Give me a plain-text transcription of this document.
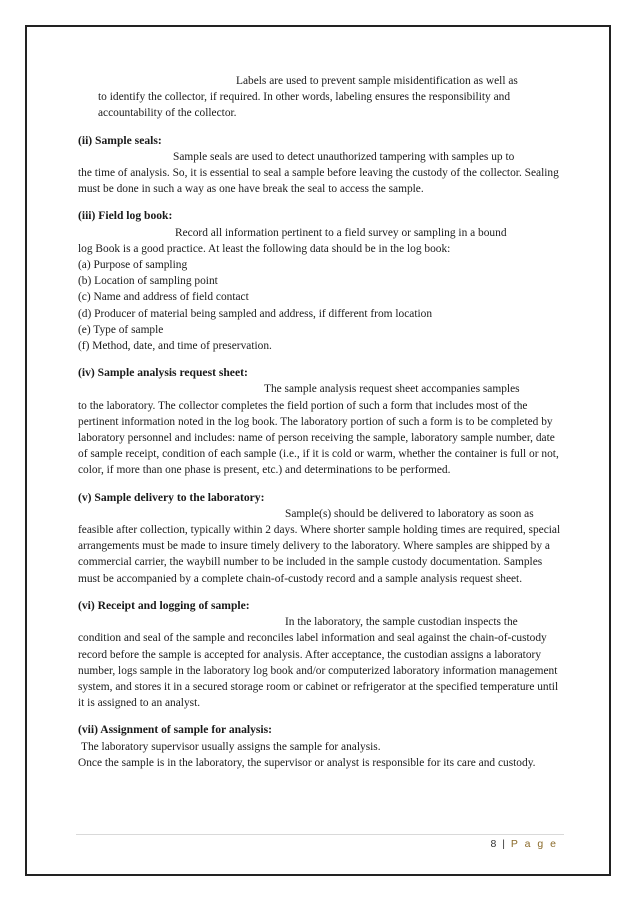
Labels are used to prevent sample misidentification as well as

to identify the collector, if required. In other words, labeling ensures the responsibility and accountability of the collector.

(ii) Sample seals:

Sample seals are used to detect unauthorized tampering with samples up to

the time of analysis. So, it is essential to seal a sample before leaving the custody of the collector. Sealing must be done in such a way as one have break the seal to access the sample.

(iii) Field log book:

Record all information pertinent to a field survey or sampling in a bound

log Book is a good practice. At least the following data should be in the log book:

(a) Purpose of sampling

(b) Location of sampling point

(c) Name and address of field contact

(d) Producer of material being sampled and address, if different from location

(e) Type of sample

(f) Method, date, and time of preservation.

(iv) Sample analysis request sheet:

The sample analysis request sheet accompanies samples

to the laboratory. The collector completes the field portion of such a form that includes most of the pertinent information noted in the log book. The laboratory portion of such a form is to be completed by laboratory personnel and includes: name of person receiving the sample, laboratory sample number, date of sample receipt, condition of each sample (i.e., if it is cold or warm, whether the container is full or not, color, if more than one phase is present, etc.) and determinations to be performed.

(v) Sample delivery to the laboratory:

Sample(s) should be delivered to laboratory as soon as

feasible after collection, typically within 2 days. Where shorter sample holding times are required, special arrangements must be made to insure timely delivery to the laboratory. Where samples are shipped by a commercial carrier, the waybill number to be included in the sample custody documentation. Samples must be accompanied by a complete chain-of-custody record and a sample analysis request sheet.

(vi) Receipt and logging of sample:

In the laboratory, the sample custodian inspects the

condition and seal of the sample and reconciles label information and seal against the chain-of-custody record before the sample is accepted for analysis. After acceptance, the custodian assigns a laboratory number, logs sample in the laboratory log book and/or computerized laboratory information management system, and stores it in a secured storage room or cabinet or refrigerator at the specified temperature until it is assigned to an analyst.

(vii) Assignment of sample for analysis:

The laboratory supervisor usually assigns the sample for analysis.

Once the sample is in the laboratory, the supervisor or analyst is responsible for its care and custody.

8 | P a g e
